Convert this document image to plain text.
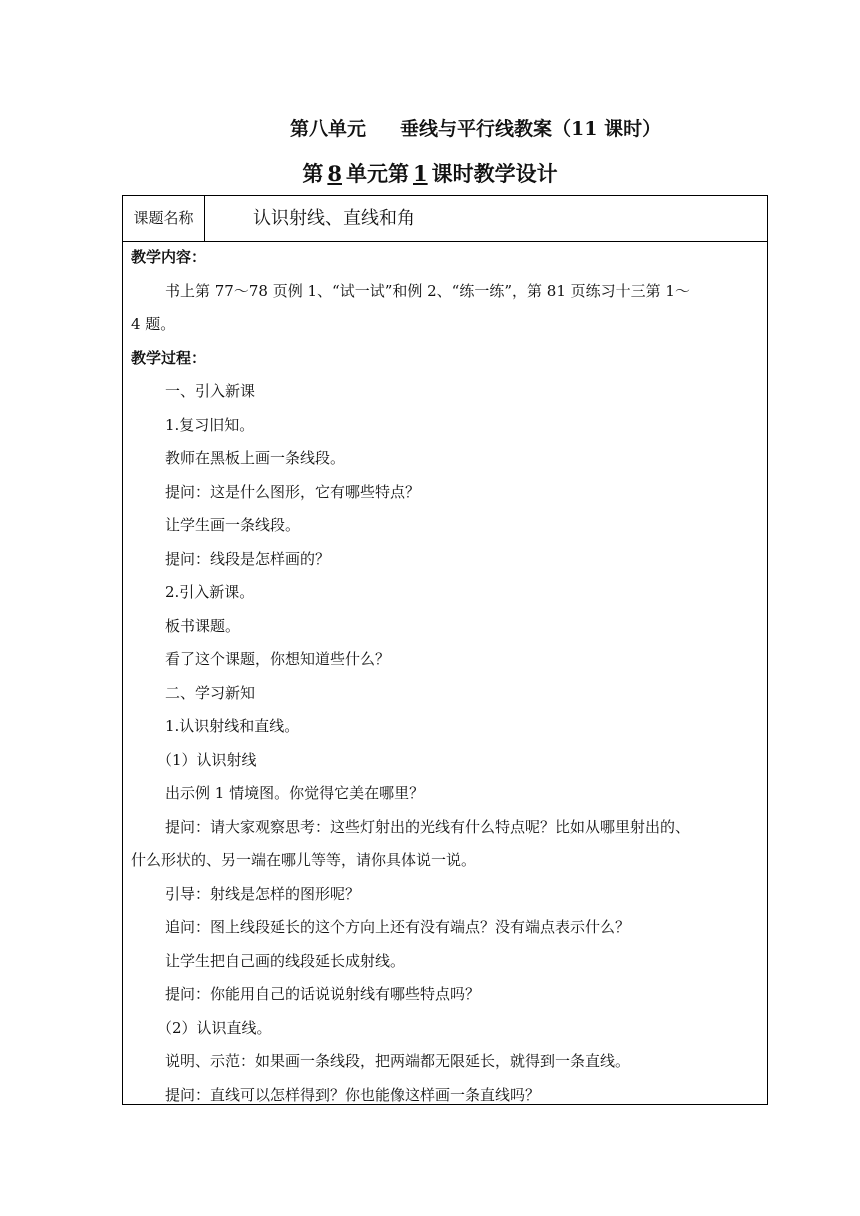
第八单元 垂线与平行线教案（11 课时）
第 8 单元第 1 课时教学设计
课题名称	认识射线、直线和角
教学内容：
书上第 77～78 页例 1、“试一试”和例 2、“练一练”，第 81 页练习十三第 1～
4 题。
教学过程：
一、引入新课
1.复习旧知。
教师在黑板上画一条线段。
提问：这是什么图形，它有哪些特点？
让学生画一条线段。
提问：线段是怎样画的？
2.引入新课。
板书课题。
看了这个课题，你想知道些什么？
二、学习新知
1.认识射线和直线。
（1）认识射线
出示例 1 情境图。你觉得它美在哪里？
提问：请大家观察思考：这些灯射出的光线有什么特点呢？比如从哪里射出的、
什么形状的、另一端在哪儿等等，请你具体说一说。
引导：射线是怎样的图形呢？
追问：图上线段延长的这个方向上还有没有端点？没有端点表示什么？
让学生把自己画的线段延长成射线。
提问：你能用自己的话说说射线有哪些特点吗？
（2）认识直线。
说明、示范：如果画一条线段，把两端都无限延长，就得到一条直线。
提问：直线可以怎样得到？你也能像这样画一条直线吗？
